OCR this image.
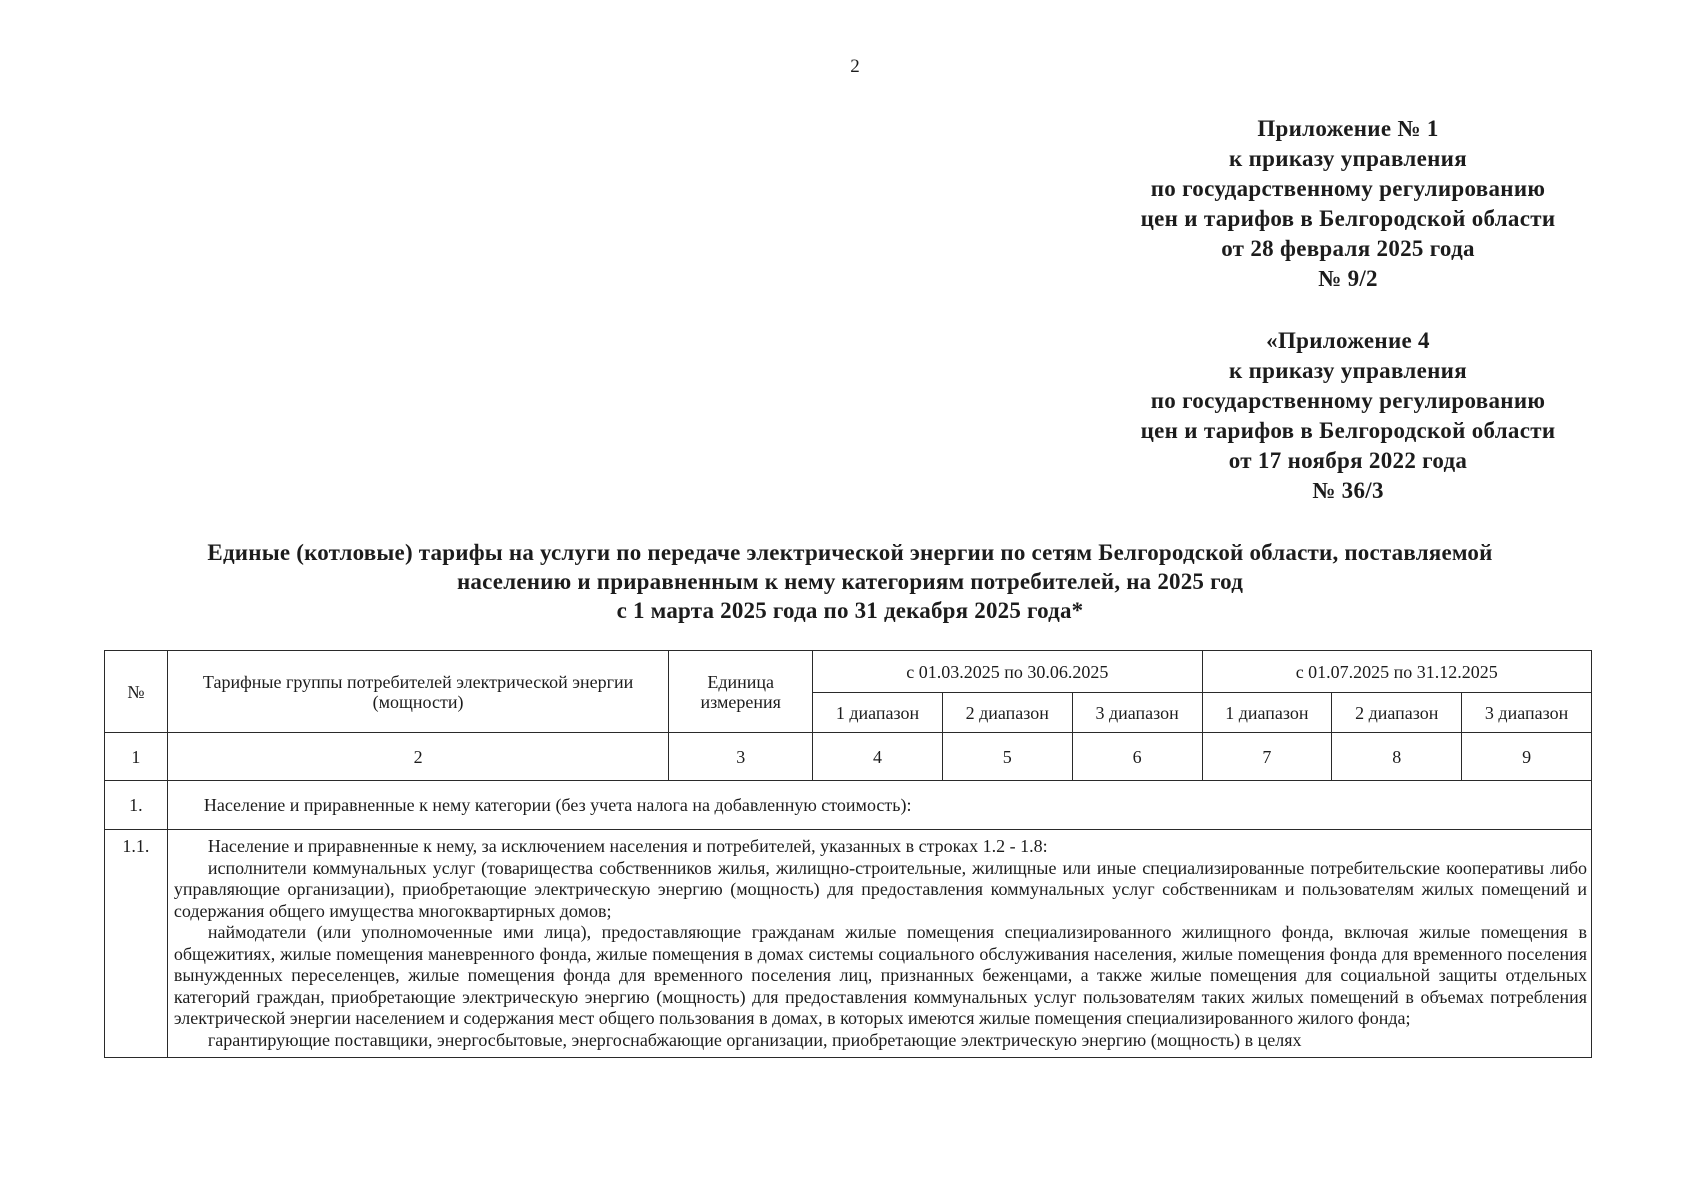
2
Приложение № 1
к приказу управления
по государственному регулированию
цен и тарифов в Белгородской области
от 28 февраля 2025 года
№ 9/2
«Приложение 4
к приказу управления
по государственному регулированию
цен и тарифов в Белгородской области
от 17 ноября 2022 года
№ 36/3
Единые (котловые) тарифы на услуги по передаче электрической энергии по сетям Белгородской области, поставляемой
населению и приравненным к нему категориям потребителей, на 2025 год
с 1 марта 2025 года по 31 декабря 2025 года*
№	Тарифные группы потребителей электрической энергии (мощности)	Единица измерения	с 01.03.2025 по 30.06.2025			с 01.07.2025 по 31.12.2025		
			1 диапазон	2 диапазон	3 диапазон	1 диапазон	2 диапазон	3 диапазон
1	2	3	4	5	6	7	8	9
1.	Население и приравненные к нему категории (без учета налога на добавленную стоимость):							
1.1.	Население и приравненные к нему, за исключением населения и потребителей, указанных в строках 1.2 - 1.8:

исполнители коммунальных услуг (товарищества собственников жилья, жилищно-строительные, жилищные или иные специализированные потребительские кооперативы либо управляющие организации), приобретающие электрическую энергию (мощность) для предоставления коммунальных услуг собственникам и пользователям жилых помещений и содержания общего имущества многоквартирных домов;

наймодатели (или уполномоченные ими лица), предоставляющие гражданам жилые помещения специализированного жилищного фонда, включая жилые помещения в общежитиях, жилые помещения маневренного фонда, жилые помещения в домах системы социального обслуживания населения, жилые помещения фонда для временного поселения вынужденных переселенцев, жилые помещения фонда для временного поселения лиц, признанных беженцами, а также жилые помещения для социальной защиты отдельных категорий граждан, приобретающие электрическую энергию (мощность) для предоставления коммунальных услуг пользователям таких жилых помещений в объемах потребления электрической энергии населением и содержания мест общего пользования в домах, в которых имеются жилые помещения специализированного жилого фонда;

гарантирующие поставщики, энергосбытовые, энергоснабжающие организации, приобретающие электрическую энергию (мощность) в целях							
